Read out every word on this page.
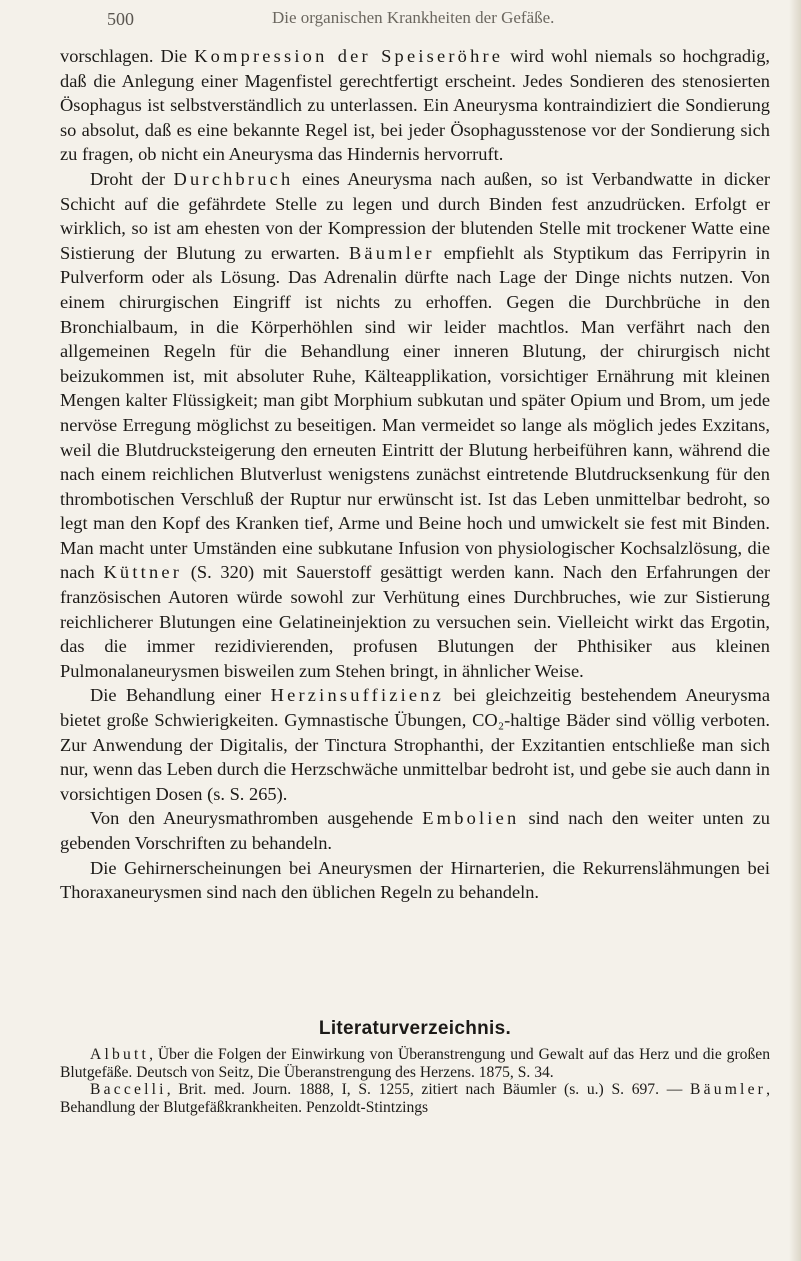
500	Die organischen Krankheiten der Gefäße.

vorschlagen. Die Kompression der Speiseröhre wird wohl niemals so hochgradig, daß die Anlegung einer Magenfistel gerechtfertigt erscheint. Jedes Sondieren des stenosierten Ösophagus ist selbstverständlich zu unterlassen. Ein Aneurysma kontraindiziert die Sondierung so absolut, daß es eine bekannte Regel ist, bei jeder Ösophagusstenose vor der Sondierung sich zu fragen, ob nicht ein Aneurysma das Hindernis hervorruft.

Droht der Durchbruch eines Aneurysma nach außen, so ist Verbandwatte in dicker Schicht auf die gefährdete Stelle zu legen und durch Binden fest anzudrücken. Erfolgt er wirklich, so ist am ehesten von der Kompression der blutenden Stelle mit trockener Watte eine Sistierung der Blutung zu erwarten. Bäumler empfiehlt als Styptikum das Ferripyrin in Pulverform oder als Lösung. Das Adrenalin dürfte nach Lage der Dinge nichts nutzen. Von einem chirurgischen Eingriff ist nichts zu erhoffen. Gegen die Durchbrüche in den Bronchialbaum, in die Körperhöhlen sind wir leider machtlos. Man verfährt nach den allgemeinen Regeln für die Behandlung einer inneren Blutung, der chirurgisch nicht beizukommen ist, mit absoluter Ruhe, Kälteapplikation, vorsichtiger Ernährung mit kleinen Mengen kalter Flüssigkeit; man gibt Morphium subkutan und später Opium und Brom, um jede nervöse Erregung möglichst zu beseitigen. Man vermeidet so lange als möglich jedes Exzitans, weil die Blutdrucksteigerung den erneuten Eintritt der Blutung herbeiführen kann, während die nach einem reichlichen Blutverlust wenigstens zunächst eintretende Blutdrucksenkung für den thrombotischen Verschluß der Ruptur nur erwünscht ist. Ist das Leben unmittelbar bedroht, so legt man den Kopf des Kranken tief, Arme und Beine hoch und umwickelt sie fest mit Binden. Man macht unter Umständen eine subkutane Infusion von physiologischer Kochsalzlösung, die nach Küttner (S. 320) mit Sauerstoff gesättigt werden kann. Nach den Erfahrungen der französischen Autoren würde sowohl zur Verhütung eines Durchbruches, wie zur Sistierung reichlicherer Blutungen eine Gelatineinjektion zu versuchen sein. Vielleicht wirkt das Ergotin, das die immer rezidivierenden, profusen Blutungen der Phthisiker aus kleinen Pulmonalaneurysmen bisweilen zum Stehen bringt, in ähnlicher Weise.

Die Behandlung einer Herzinsuffizienz bei gleichzeitig bestehendem Aneurysma bietet große Schwierigkeiten. Gymnastische Übungen, CO₂-haltige Bäder sind völlig verboten. Zur Anwendung der Digitalis, der Tinctura Strophanthi, der Exzitantien entschließe man sich nur, wenn das Leben durch die Herzschwäche unmittelbar bedroht ist, und gebe sie auch dann in vorsichtigen Dosen (s. S. 265).

Von den Aneurysmathromben ausgehende Embolien sind nach den weiter unten zu gebenden Vorschriften zu behandeln.

Die Gehirnerscheinungen bei Aneurysmen der Hirnarterien, die Rekurrenslähmungen bei Thoraxaneurysmen sind nach den üblichen Regeln zu behandeln.

Literaturverzeichnis.

Albutt, Über die Folgen der Einwirkung von Überanstrengung und Gewalt auf das Herz und die großen Blutgefäße. Deutsch von Seitz, Die Überanstrengung des Herzens. 1875, S. 34.

Baccelli, Brit. med. Journ. 1888, I, S. 1255, zitiert nach Bäumler (s. u.) S. 697. — Bäumler, Behandlung der Blutgefäßkrankheiten. Penzoldt-Stintzings
